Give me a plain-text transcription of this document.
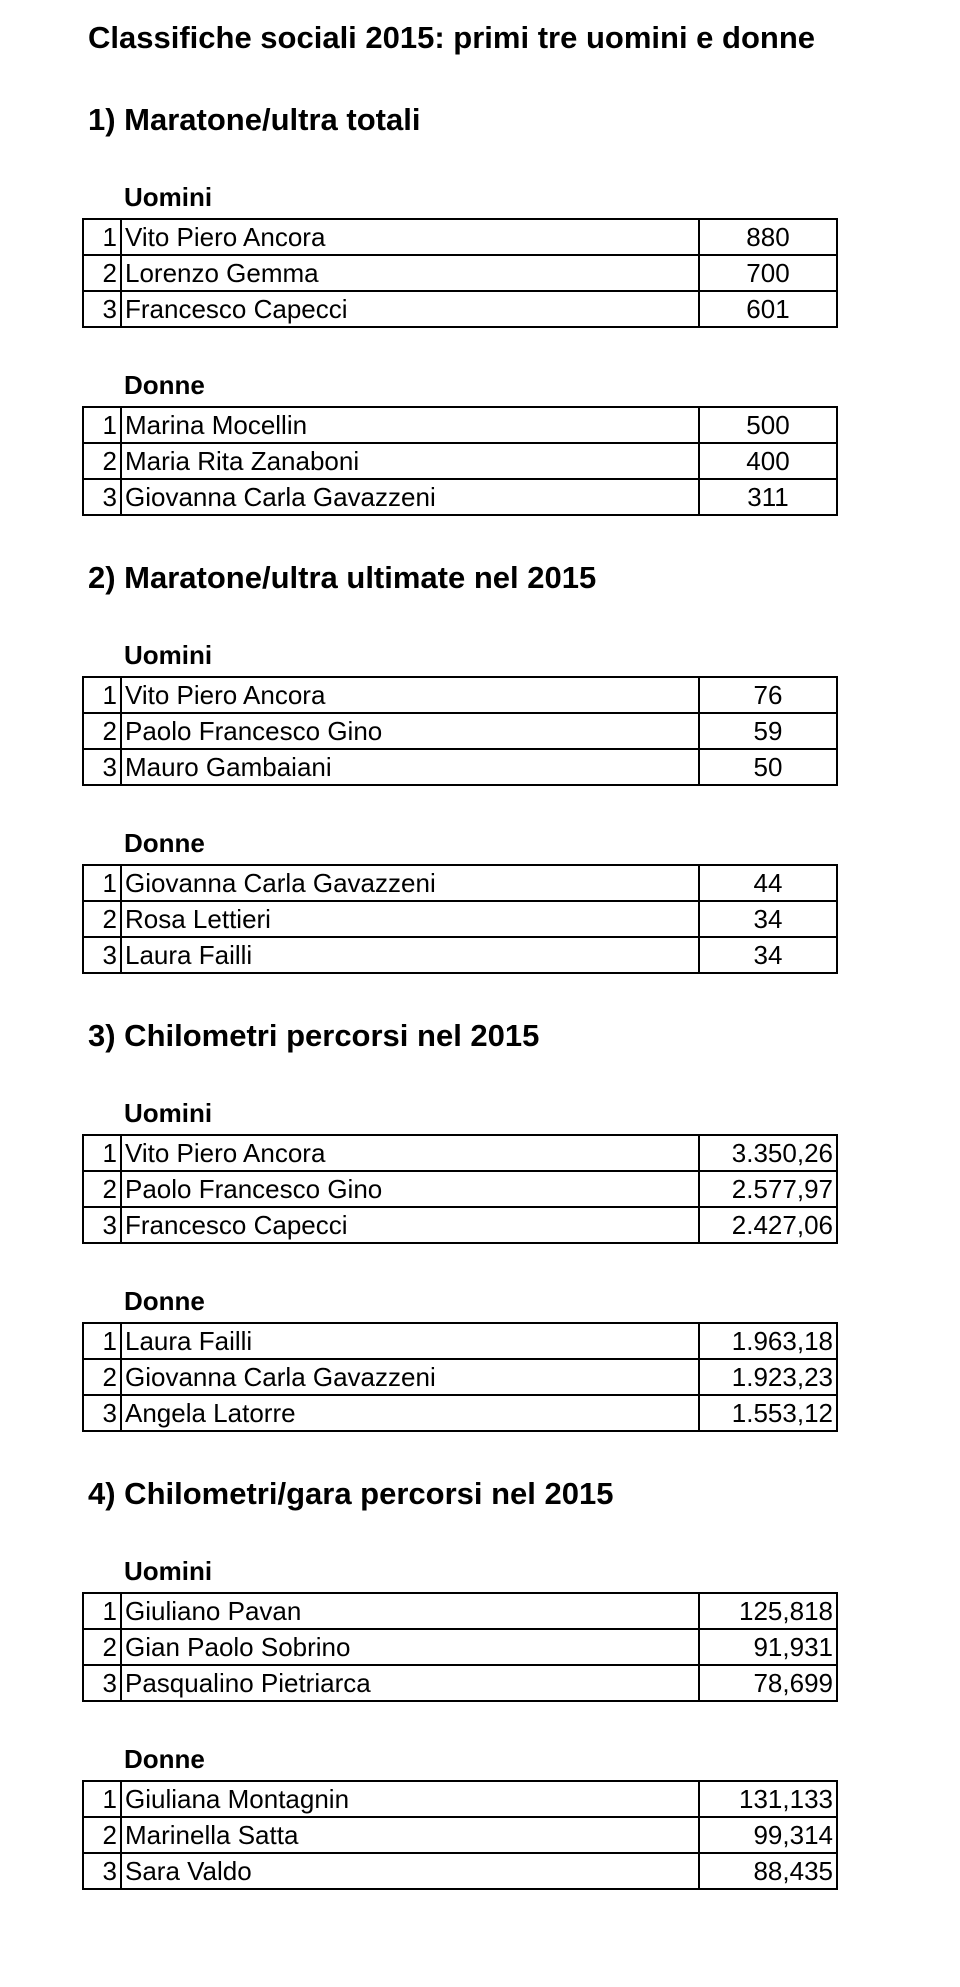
Classifiche sociali 2015: primi tre uomini e donne
1) Maratone/ultra totali
Uomini
1	Vito Piero Ancora	880
2	Lorenzo Gemma	700
3	Francesco Capecci	601
Donne
1	Marina Mocellin	500
2	Maria Rita Zanaboni	400
3	Giovanna Carla Gavazzeni	311
2) Maratone/ultra ultimate nel 2015
Uomini
1	Vito Piero Ancora	76
2	Paolo Francesco Gino	59
3	Mauro Gambaiani	50
Donne
1	Giovanna Carla Gavazzeni	44
2	Rosa Lettieri	34
3	Laura Failli	34
3) Chilometri percorsi nel 2015
Uomini
1	Vito Piero Ancora	3.350,26
2	Paolo Francesco Gino	2.577,97
3	Francesco Capecci	2.427,06
Donne
1	Laura Failli	1.963,18
2	Giovanna Carla Gavazzeni	1.923,23
3	Angela Latorre	1.553,12
4) Chilometri/gara percorsi nel 2015
Uomini
1	Giuliano Pavan	125,818
2	Gian Paolo Sobrino	91,931
3	Pasqualino Pietriarca	78,699
Donne
1	Giuliana Montagnin	131,133
2	Marinella Satta	99,314
3	Sara Valdo	88,435
